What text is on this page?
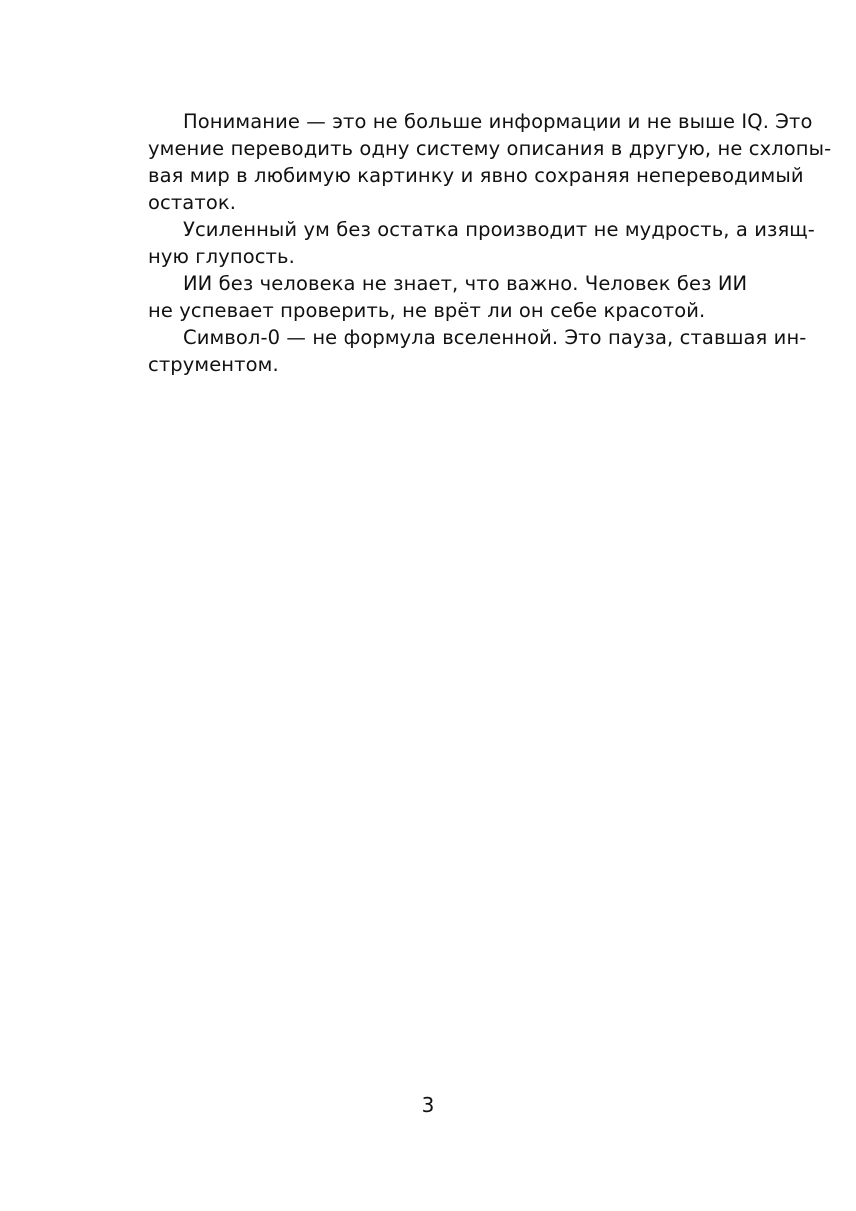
Понимание — это не больше информации и не выше IQ. Это
умение переводить одну систему описания в другую, не схлопы-
вая мир в любимую картинку и явно сохраняя непереводимый
остаток.
Усиленный ум без остатка производит не мудрость, а изящ-
ную глупость.
ИИ без человека не знает, что важно. Человек без ИИ
не успевает проверить, не врёт ли он себе красотой.
Символ-0 — не формула вселенной. Это пауза, ставшая ин-
струментом.
3
